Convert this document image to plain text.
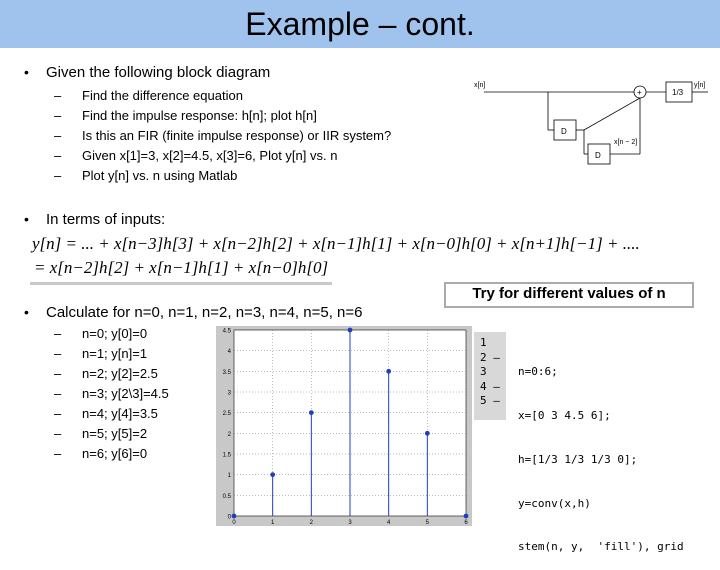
Example – cont.
• Given the following block diagram
– Find the difference equation
– Find the impulse response: h[n]; plot h[n]
– Is this an FIR (finite impulse response) or IIR system?
– Given x[1]=3, x[2]=4.5, x[3]=6, Plot y[n] vs. n
– Plot y[n] vs. n using Matlab
x[n]	y[n]
1/3
+
D
D
x[n − 2]
• In terms of inputs:
y[n] = ... + x[n−3]h[3] + x[n−2]h[2] + x[n−1]h[1] + x[n−0]h[0] + x[n+1]h[−1] + ....
= x[n−2]h[2] + x[n−1]h[1] + x[n−0]h[0]
Try for different values of n
• Calculate for n=0, n=1, n=2, n=3, n=4, n=5, n=6
– n=0; y[0]=0
– n=1; y[n]=1
– n=2; y[2]=2.5
– n=3; y[2\3]=4.5
– n=4; y[4]=3.5
– n=5; y[5]=2
– n=6; y[6]=0
4.5
4
3.5
3
2.5
2
1.5
1
0.5
0
0	1	2	3	4	5	6
1
2 –
3
4 –
5 –

n=0:6;

x=[0 3 4.5 6];

h=[1/3 1/3 1/3 0];

y=conv(x,h)

stem(n, y,  'fill'), grid
